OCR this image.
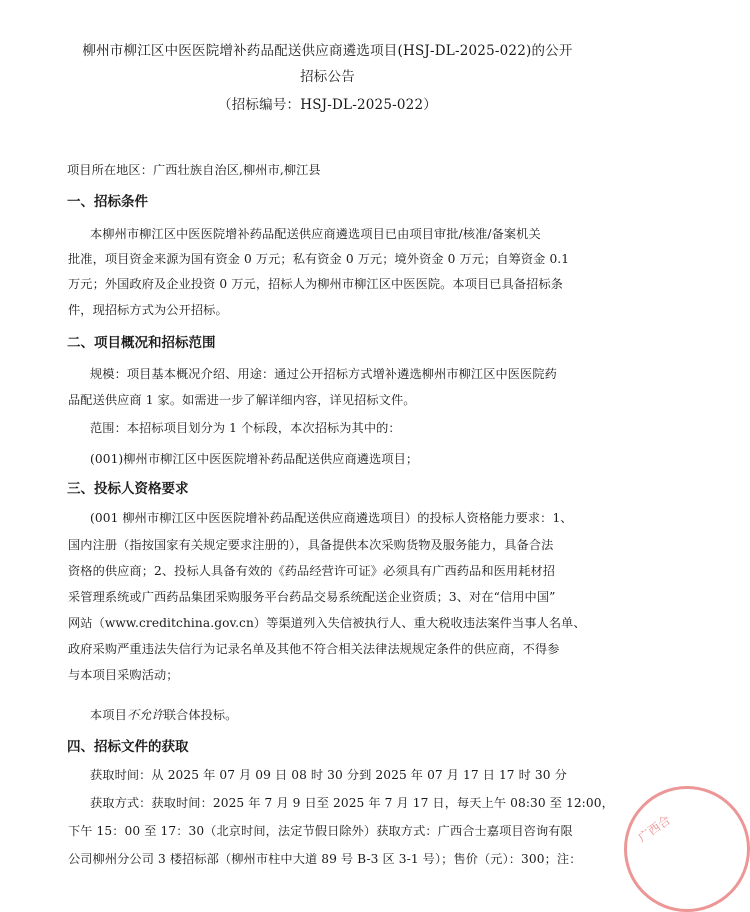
柳州市柳江区中医医院增补药品配送供应商遴选项目(HSJ-DL-2025-022)的公开
招标公告
（招标编号：HSJ-DL-2025-022）
项目所在地区：广西壮族自治区,柳州市,柳江县
一、招标条件
本柳州市柳江区中医医院增补药品配送供应商遴选项目已由项目审批/核准/备案机关
批准，项目资金来源为国有资金 0 万元；私有资金 0 万元；境外资金 0 万元；自筹资金 0.1
万元；外国政府及企业投资 0 万元，招标人为柳州市柳江区中医医院。本项目已具备招标条
件，现招标方式为公开招标。
二、项目概况和招标范围
规模：项目基本概况介绍、用途：通过公开招标方式增补遴选柳州市柳江区中医医院药
品配送供应商 1 家。如需进一步了解详细内容，详见招标文件。
范围：本招标项目划分为 1 个标段，本次招标为其中的：
(001)柳州市柳江区中医医院增补药品配送供应商遴选项目；
三、投标人资格要求
(001 柳州市柳江区中医医院增补药品配送供应商遴选项目）的投标人资格能力要求：1、
国内注册（指按国家有关规定要求注册的），具备提供本次采购货物及服务能力，具备合法
资格的供应商；2、投标人具备有效的《药品经营许可证》必须具有广西药品和医用耗材招
采管理系统或广西药品集团采购服务平台药品交易系统配送企业资质；3、对在“信用中国”
网站（www.creditchina.gov.cn）等渠道列入失信被执行人、重大税收违法案件当事人名单、
政府采购严重违法失信行为记录名单及其他不符合相关法律法规规定条件的供应商，不得参
与本项目采购活动；
本项目不允许联合体投标。
四、招标文件的获取
获取时间：从 2025 年 07 月 09 日 08 时 30 分到 2025 年 07 月 17 日 17 时 30 分
获取方式：获取时间：2025 年 7 月 9 日至 2025 年 7 月 17 日，每天上午 08:30 至 12:00，
下午 15：00 至 17：30（北京时间，法定节假日除外）获取方式：广西合士嘉项目咨询有限
公司柳州分公司 3 楼招标部（柳州市柱中大道 89 号 B-3 区 3-1 号）；售价（元）：300；注：
广西合
